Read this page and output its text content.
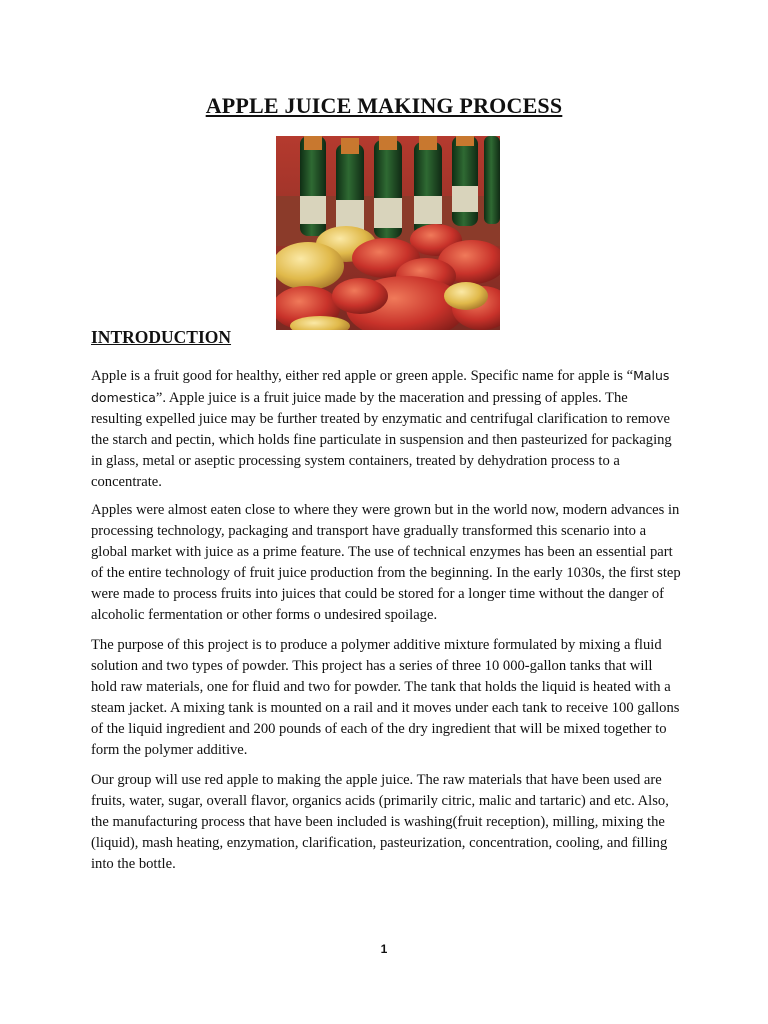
APPLE JUICE MAKING PROCESS
INTRODUCTION

Apple is a fruit good for healthy, either red apple or green apple. Specific name for apple is “Malus domestica”. Apple juice is a fruit juice made by the maceration and pressing of apples. The resulting expelled juice may be further treated by enzymatic and centrifugal clarification to remove the starch and pectin, which holds fine particulate in suspension and then pasteurized for packaging in glass, metal or aseptic processing system containers, treated by dehydration process to a concentrate.

Apples were almost eaten close to where they were grown but in the world now, modern advances in processing technology, packaging and transport have gradually transformed this scenario into a global market with juice as a prime feature. The use of technical enzymes has been an essential part of the entire technology of fruit juice production from the beginning. In the early 1030s, the first step were made to process fruits into juices that could be stored for a longer time without the danger of alcoholic fermentation or other forms o undesired spoilage.

The purpose of this project is to produce a polymer additive mixture formulated by mixing a fluid solution and two types of powder. This project has a series of three 10 000-gallon tanks that will hold raw materials, one for fluid and two for powder. The tank that holds the liquid is heated with a steam jacket. A mixing tank is mounted on a rail and it moves under each tank to receive 100 gallons of the liquid ingredient and 200 pounds of each of the dry ingredient that will be mixed together to form the polymer additive.

Our group will use red apple to making the apple juice. The raw materials that have been used are fruits, water, sugar, overall flavor, organics acids (primarily citric, malic and tartaric) and etc. Also, the manufacturing process that have been included is washing(fruit reception), milling, mixing the (liquid), mash heating, enzymation, clarification, pasteurization, concentration, cooling, and filling into the bottle.

1
